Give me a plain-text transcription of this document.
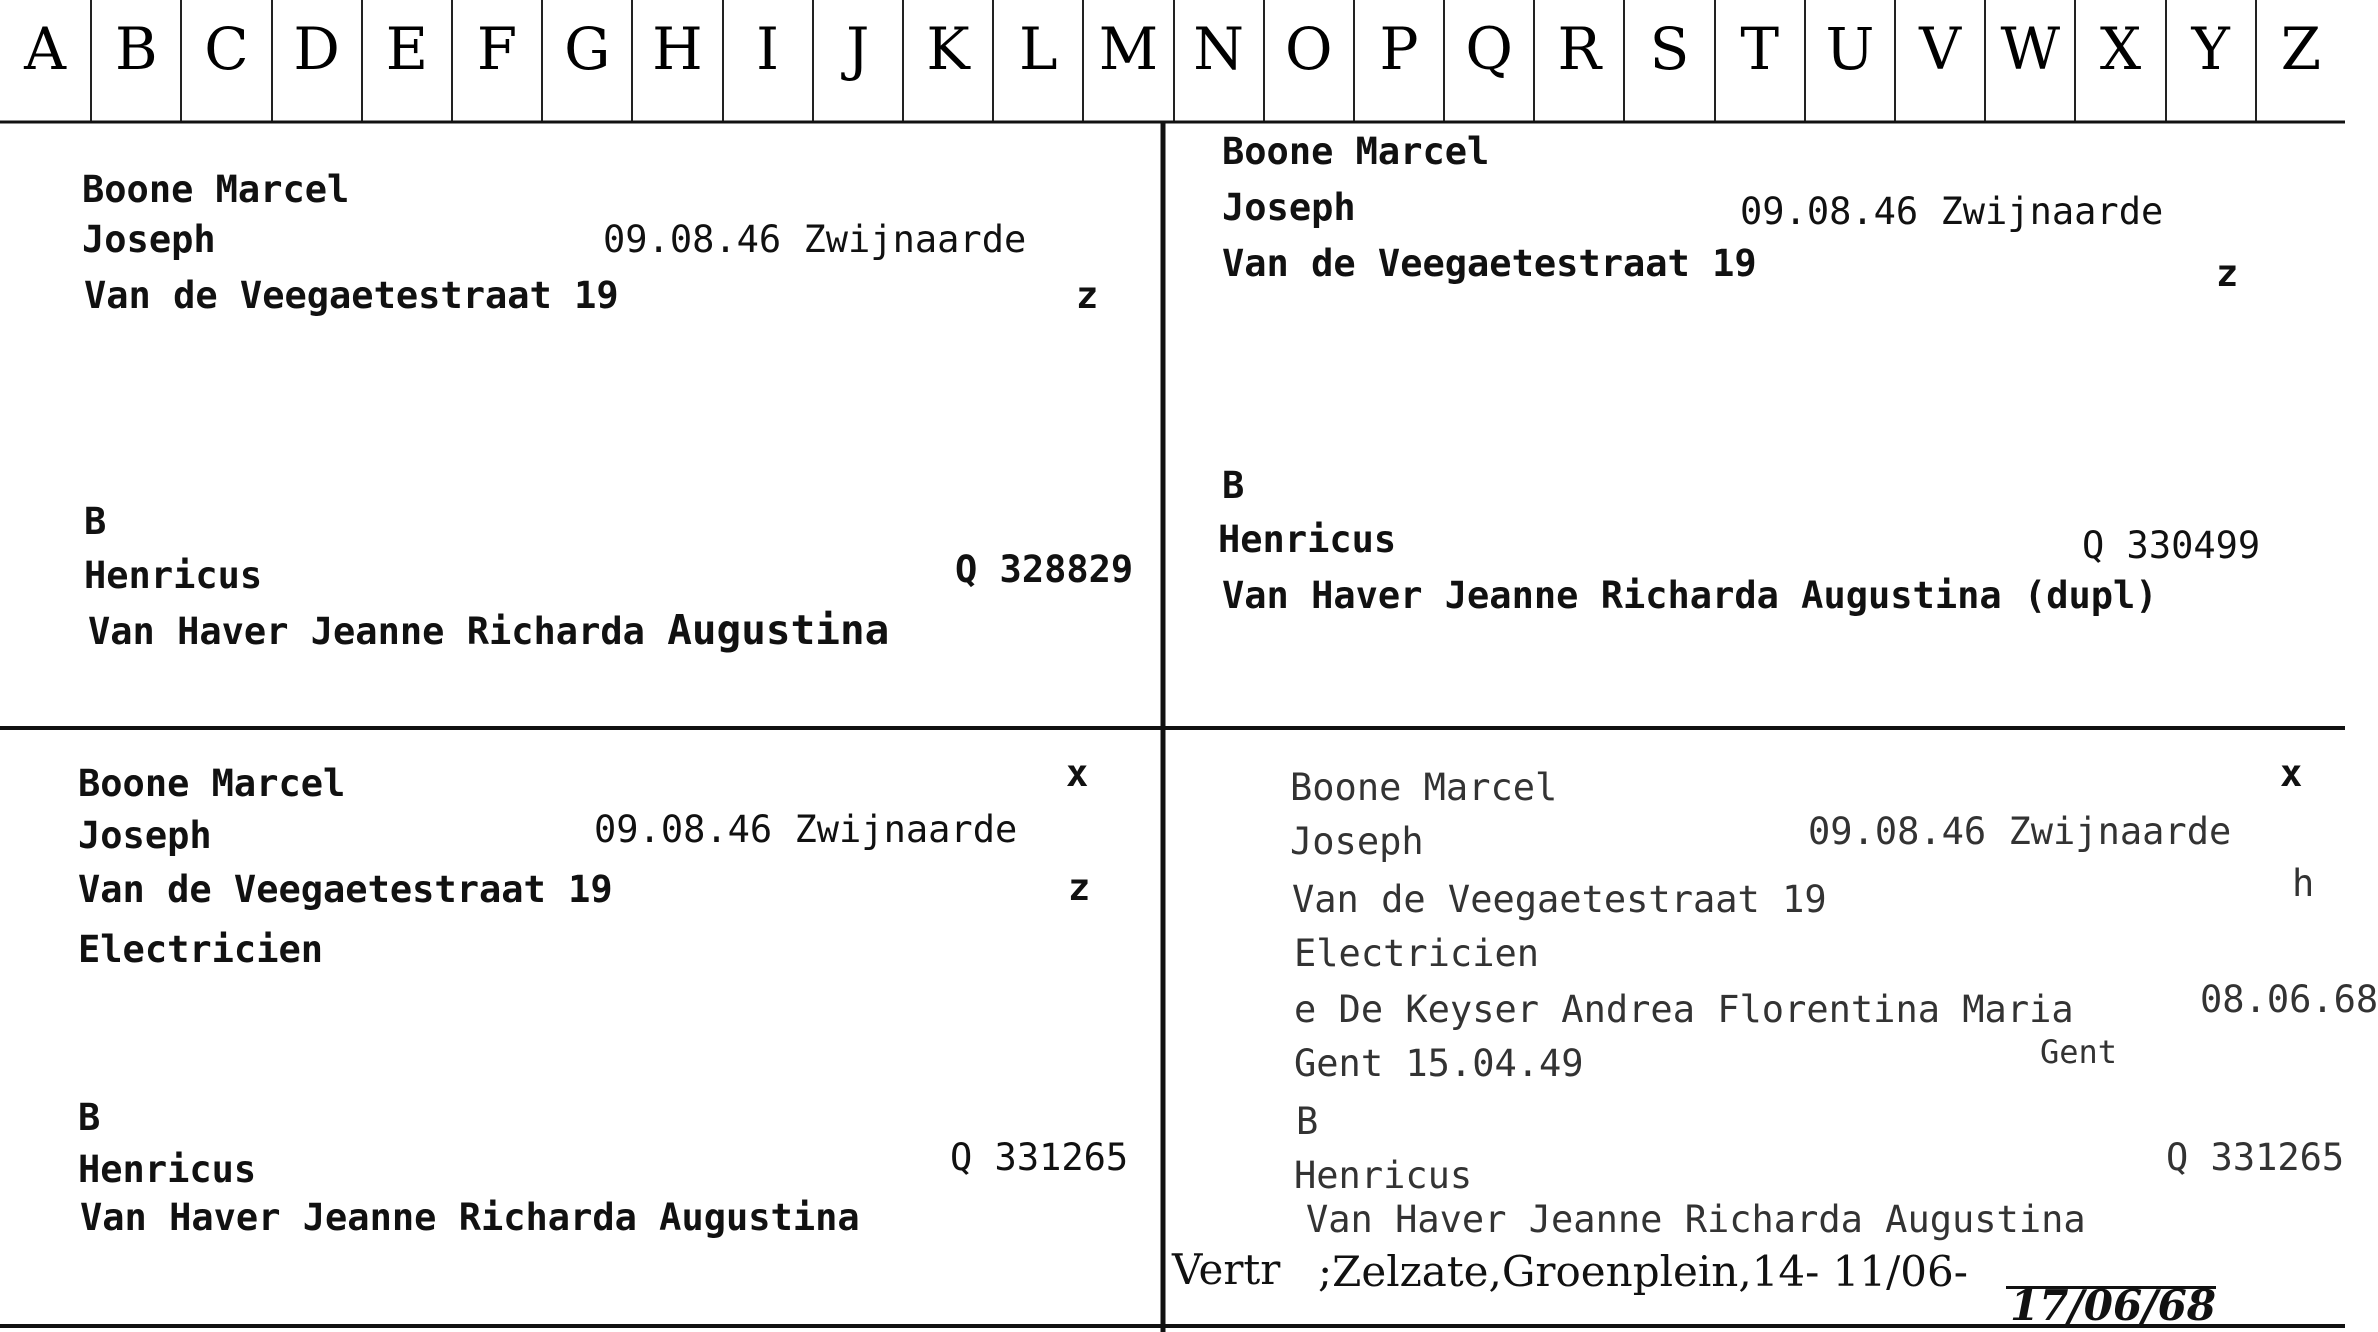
A B C D E F G H I	J K L M N O P Q R S T U V W X Y Z
Boone Marcel
Joseph	09.08.46 Zwijnaarde
Van de Veegaetestraat 19	z
B
Henricus	Q 328829
Van Haver Jeanne Richarda Augustina
Boone Marcel
Joseph	09.08.46 Zwijnaarde
Van de Veegaetestraat 19	z
B
Henricus	Q 330499
Van Haver Jeanne Richarda Augustina (dupl)
Boone Marcel	x
Joseph	09.08.46 Zwijnaarde
Van de Veegaetestraat 19	z
Electricien
B
Henricus	Q 331265
Van Haver Jeanne Richarda Augustina
Boone Marcel	x
Joseph	09.08.46 Zwijnaarde
Van de Veegaetestraat 19	h
Electricien
e De Keyser Andrea Florentina Maria	08.06.68
Gent 15.04.49	Gent
B
Henricus	Q 331265
Van Haver Jeanne Richarda Augustina
Vertr ;Zelzate,Groenplein,14- 11/06-
17/06/68
